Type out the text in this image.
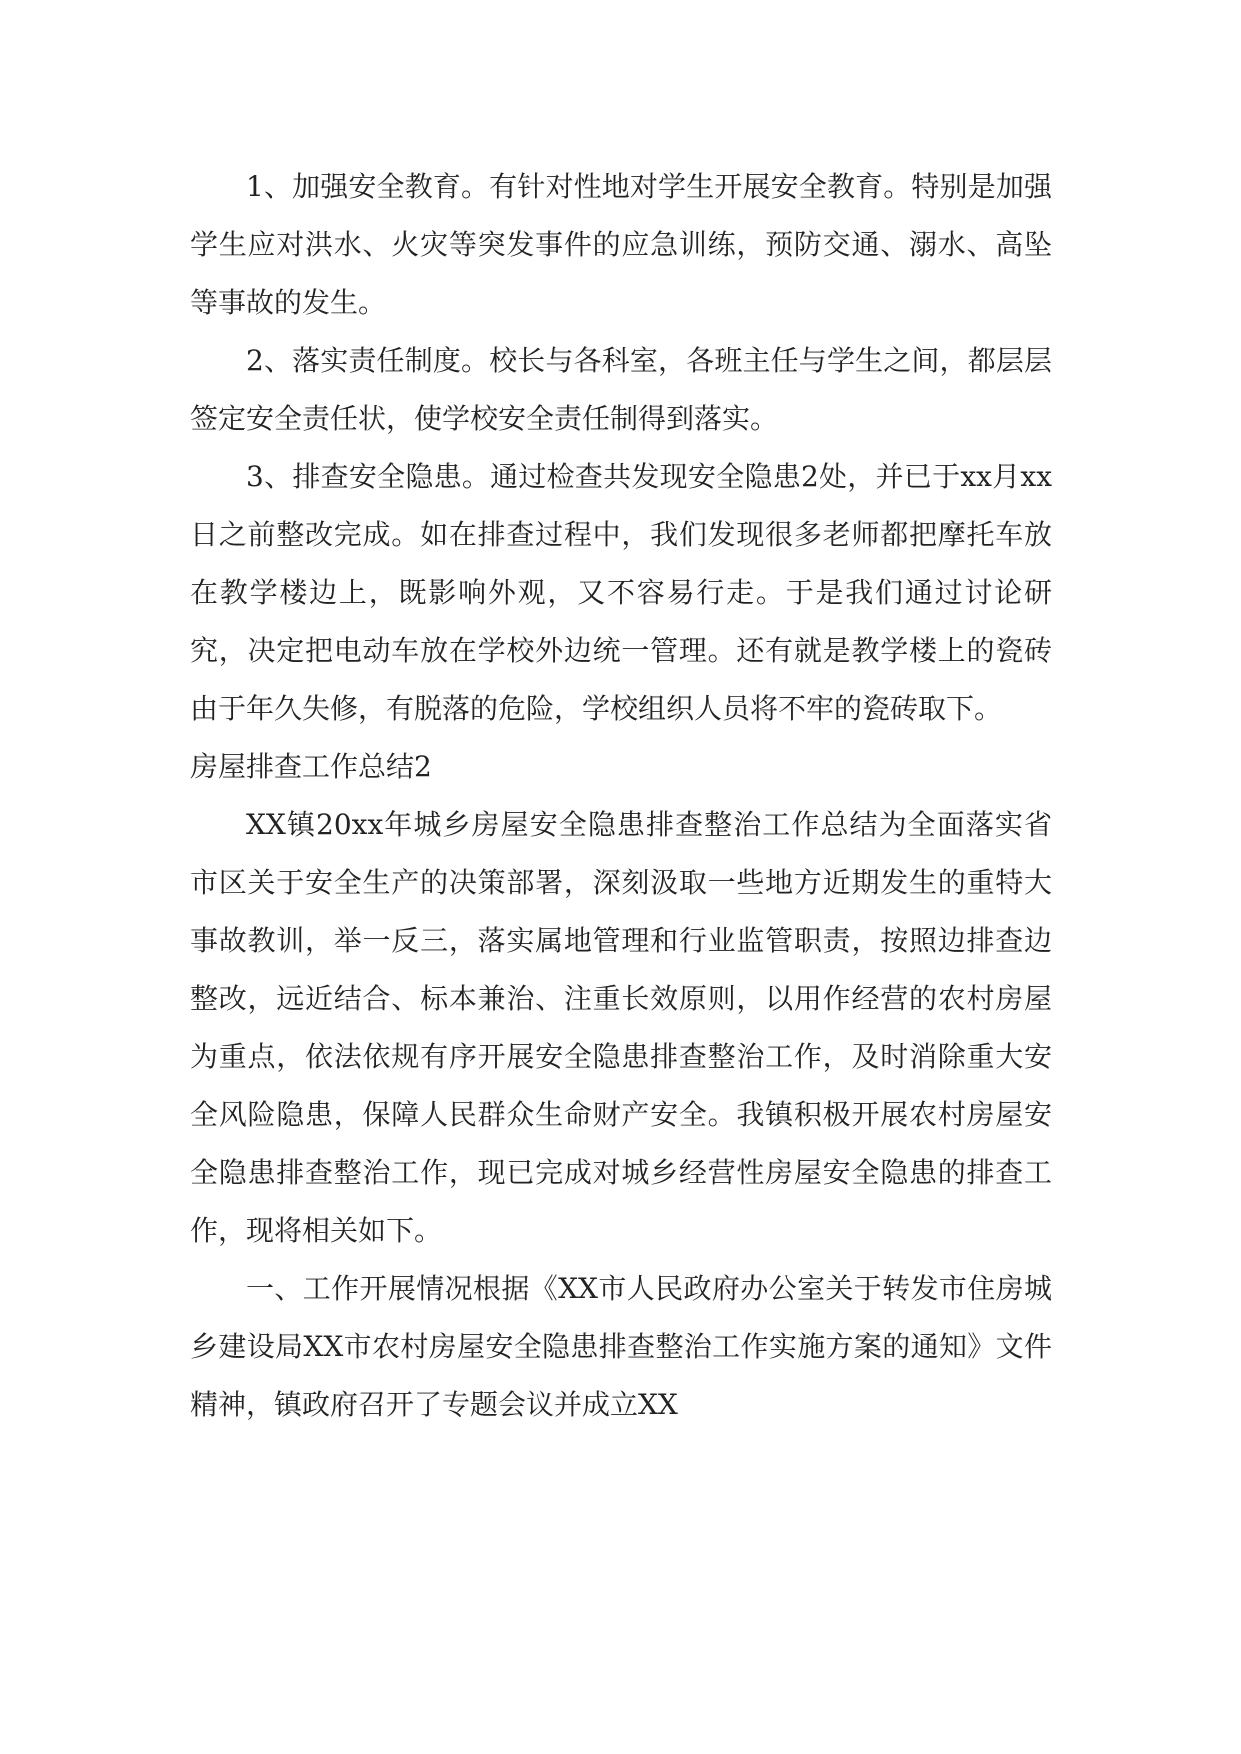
1、加强安全教育。有针对性地对学生开展安全教育。特别是加强学生应对洪水、火灾等突发事件的应急训练，预防交通、溺水、高坠等事故的发生。

2、落实责任制度。校长与各科室，各班主任与学生之间，都层层签定安全责任状，使学校安全责任制得到落实。

3、排查安全隐患。通过检查共发现安全隐患2处，并已于xx月xx日之前整改完成。如在排查过程中，我们发现很多老师都把摩托车放在教学楼边上，既影响外观，又不容易行走。于是我们通过讨论研究，决定把电动车放在学校外边统一管理。还有就是教学楼上的瓷砖由于年久失修，有脱落的危险，学校组织人员将不牢的瓷砖取下。

房屋排查工作总结2

XX镇20xx年城乡房屋安全隐患排查整治工作总结为全面落实省市区关于安全生产的决策部署，深刻汲取一些地方近期发生的重特大事故教训，举一反三，落实属地管理和行业监管职责，按照边排查边整改，远近结合、标本兼治、注重长效原则，以用作经营的农村房屋为重点，依法依规有序开展安全隐患排查整治工作，及时消除重大安全风险隐患，保障人民群众生命财产安全。我镇积极开展农村房屋安全隐患排查整治工作，现已完成对城乡经营性房屋安全隐患的排查工作，现将相关如下。

一、工作开展情况根据《XX市人民政府办公室关于转发市住房城乡建设局XX市农村房屋安全隐患排查整治工作实施方案的通知》文件精神，镇政府召开了专题会议并成立XX
